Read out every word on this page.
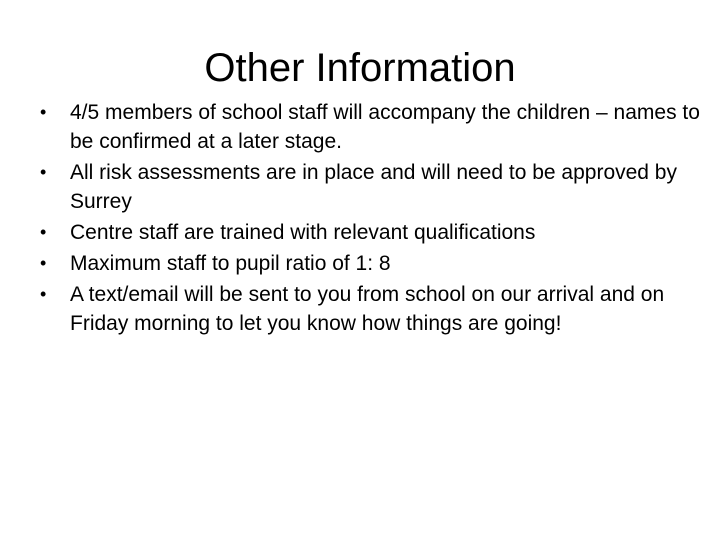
Other Information
• 4/5 members of school staff will accompany the children – names to be confirmed at a later stage.
• All risk assessments are in place and will need to be approved by Surrey
• Centre staff are trained with relevant qualifications
• Maximum staff to pupil ratio of 1: 8
• A text/email will be sent to you from school on our arrival and on Friday morning to let you know how things are going!
